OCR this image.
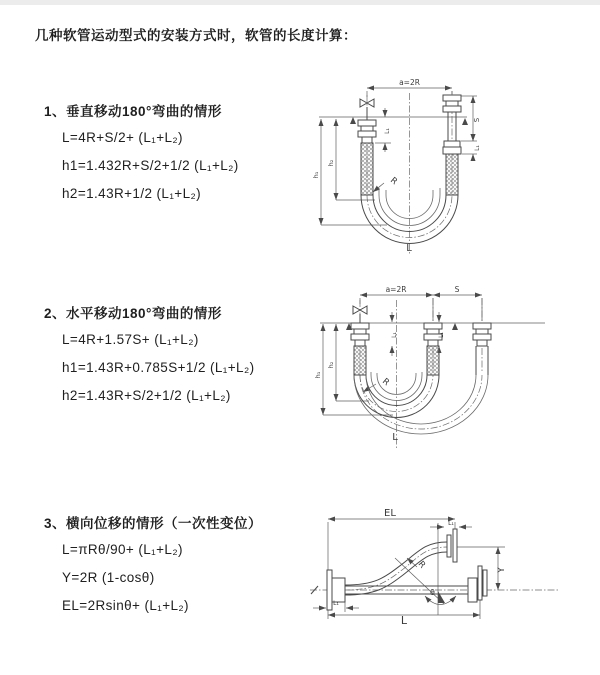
几种软管运动型式的安装方式时，软管的长度计算：
1、垂直移动180°弯曲的情形
L=4R+S/2+ (L₁+L₂)
h1=1.432R+S/2+1/2 (L₁+L₂)
h2=1.43R+1/2 (L₁+L₂)
2、水平移动180°弯曲的情形
L=4R+1.57S+ (L₁+L₂)
h1=1.43R+0.785S+1/2 (L₁+L₂)
h2=1.43R+S/2+1/2 (L₁+L₂)
3、横向位移的情形（一次性变位）
L=πRθ/90+ (L₁+L₂)
Y=2R (1-cosθ)
EL=2Rsinθ+ (L₁+L₂)
a=2R
L₁
h₁
h₂
S
L₁
R
L
a=2R	S
h₁
h₂
L₁	L₁
R
L
EL
L₁
Y
θ
R
L₁
L
